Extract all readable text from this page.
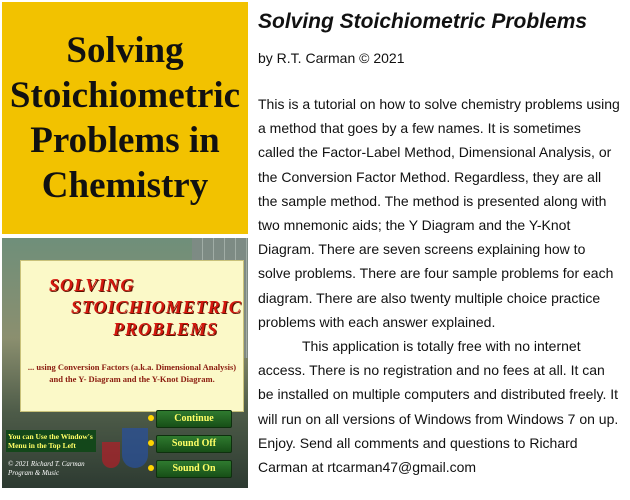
Solving
Stoichiometric
Problems in
Chemistry
SOLVING
STOICHIOMETRIC
PROBLEMS
... using Conversion Factors (a.k.a. Dimensional Analysis) and the Y- Diagram and the Y-Knot Diagram.
Continue
Sound Off
Sound On
You can Use the Window's Menu in the Top Left
© 2021 Richard T. Carman Program & Music
Solving Stoichiometric Problems
by R.T. Carman © 2021

This is a tutorial on how to solve chemistry problems using a method that goes by a few names. It is sometimes called the Factor-Label Method, Dimensional Analysis, or the Conversion Factor Method. Regardless, they are all the sample method. The method is presented along with two mnemonic aids; the Y Diagram and the Y-Knot Diagram. There are seven screens explaining how to solve problems. There are four sample problems for each diagram. There are also twenty multiple choice practice problems with each answer explained.

This application is totally free with no internet access. There is no registration and no fees at all. It can be installed on multiple computers and distributed freely. It will run on all versions of Windows from Windows 7 on up. Enjoy. Send all comments and questions to Richard Carman at rtcarman47@gmail.com
